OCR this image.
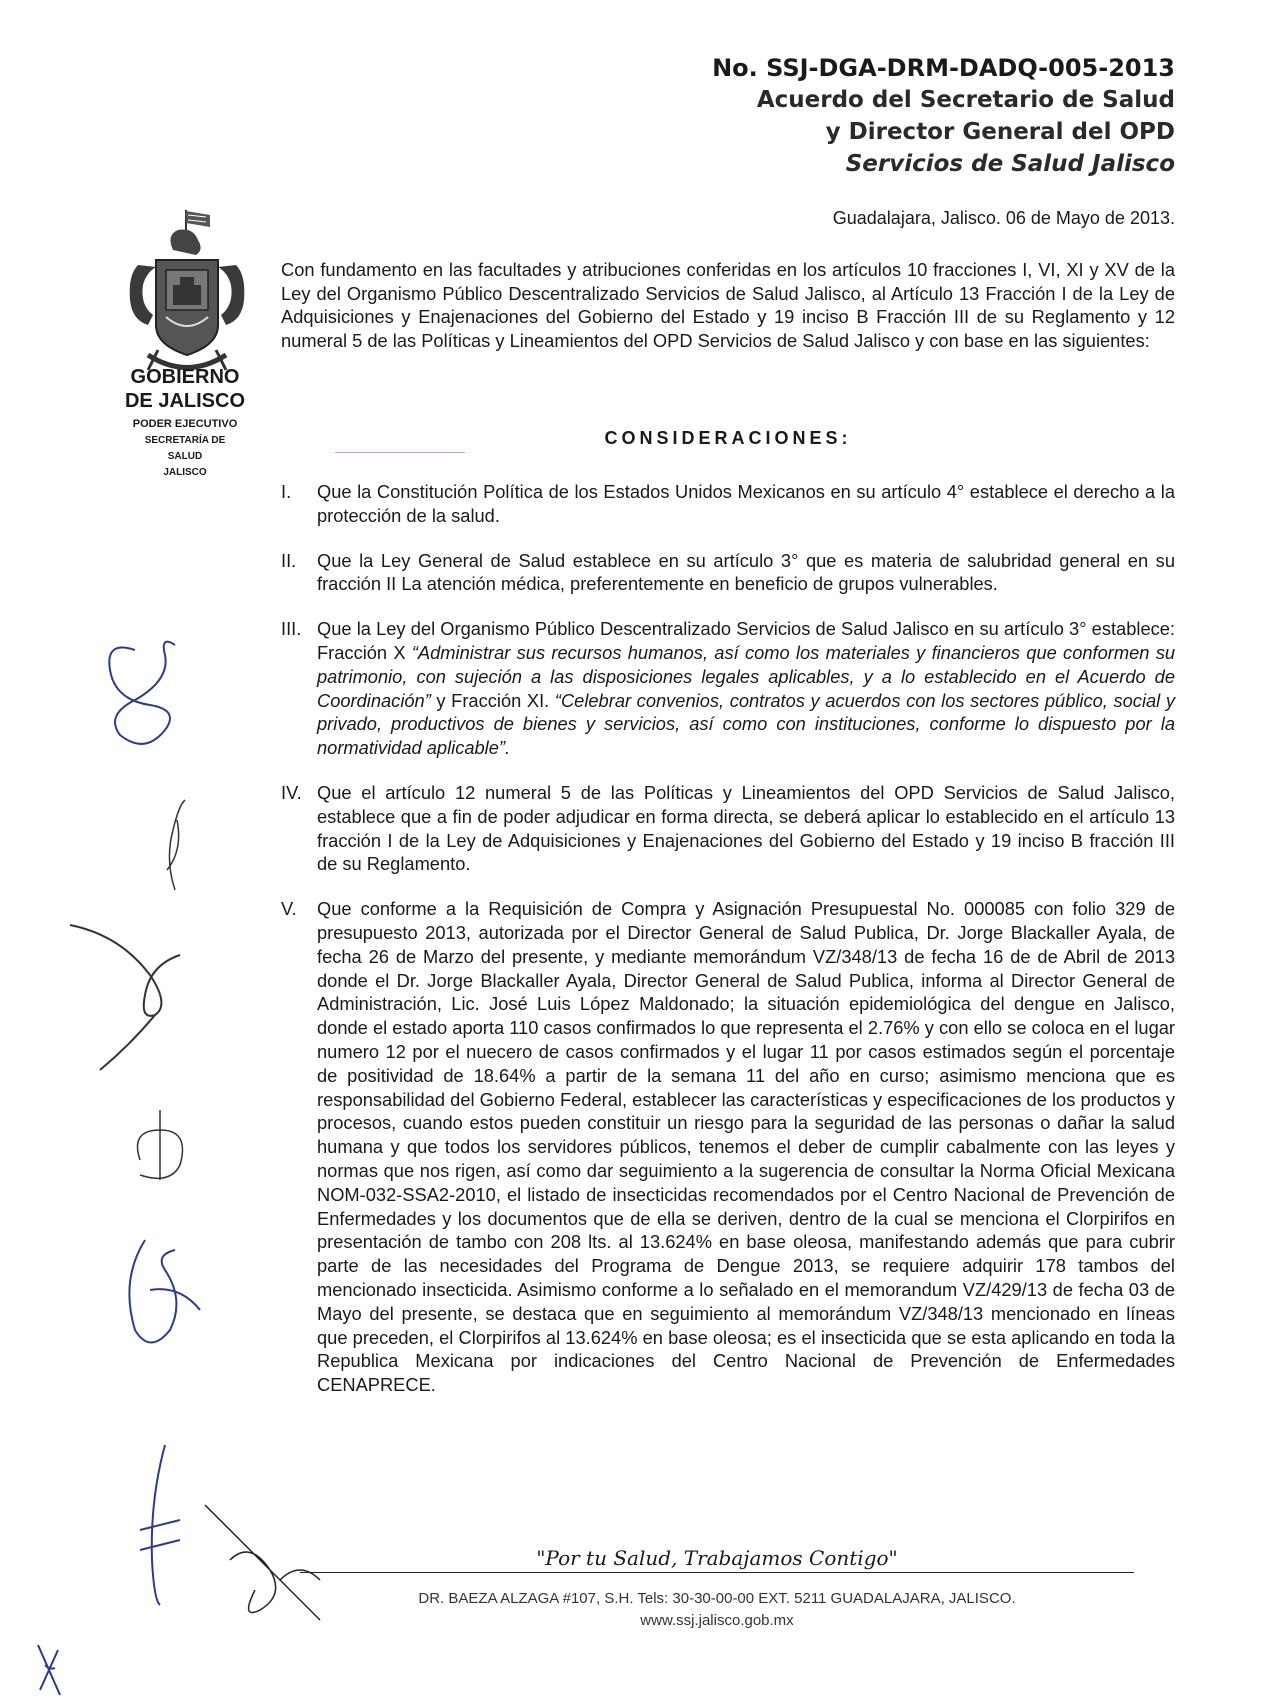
No. SSJ-DGA-DRM-DADQ-005-2013
Acuerdo del Secretario de Salud
y Director General del OPD
Servicios de Salud Jalisco
Guadalajara, Jalisco. 06 de Mayo de 2013.
GOBIERNO
DE JALISCO
PODER EJECUTIVO
SECRETARÍA DE
SALUD
JALISCO
Con fundamento en las facultades y atribuciones conferidas en los artículos 10 fracciones I, VI, XI y XV de la Ley del Organismo Público Descentralizado Servicios de Salud Jalisco, al Artículo 13 Fracción I de la Ley de Adquisiciones y Enajenaciones del Gobierno del Estado y 19 inciso B Fracción III de su Reglamento y 12 numeral 5 de las Políticas y Lineamientos del OPD Servicios de Salud Jalisco y con base en las siguientes:
CONSIDERACIONES:
I. Que la Constitución Política de los Estados Unidos Mexicanos en su artículo 4° establece el derecho a la protección de la salud.
II. Que la Ley General de Salud establece en su artículo 3° que es materia de salubridad general en su fracción II La atención médica, preferentemente en beneficio de grupos vulnerables.
III. Que la Ley del Organismo Público Descentralizado Servicios de Salud Jalisco en su artículo 3° establece: Fracción X “Administrar sus recursos humanos, así como los materiales y financieros que conformen su patrimonio, con sujeción a las disposiciones legales aplicables, y a lo establecido en el Acuerdo de Coordinación” y Fracción XI. “Celebrar convenios, contratos y acuerdos con los sectores público, social y privado, productivos de bienes y servicios, así como con instituciones, conforme lo dispuesto por la normatividad aplicable”.
IV. Que el artículo 12 numeral 5 de las Políticas y Lineamientos del OPD Servicios de Salud Jalisco, establece que a fin de poder adjudicar en forma directa, se deberá aplicar lo establecido en el artículo 13 fracción I de la Ley de Adquisiciones y Enajenaciones del Gobierno del Estado y 19 inciso B fracción III de su Reglamento.
V. Que conforme a la Requisición de Compra y Asignación Presupuestal No. 000085 con folio 329 de presupuesto 2013, autorizada por el Director General de Salud Publica, Dr. Jorge Blackaller Ayala, de fecha 26 de Marzo del presente, y mediante memorándum VZ/348/13 de fecha 16 de de Abril de 2013 donde el Dr. Jorge Blackaller Ayala, Director General de Salud Publica, informa al Director General de Administración, Lic. José Luis López Maldonado; la situación epidemiológica del dengue en Jalisco, donde el estado aporta 110 casos confirmados lo que representa el 2.76% y con ello se coloca en el lugar numero 12 por el nuecero de casos confirmados y el lugar 11 por casos estimados según el porcentaje de positividad de 18.64% a partir de la semana 11 del año en curso; asimismo menciona que es responsabilidad del Gobierno Federal, establecer las características y especificaciones de los productos y procesos, cuando estos pueden constituir un riesgo para la seguridad de las personas o dañar la salud humana y que todos los servidores públicos, tenemos el deber de cumplir cabalmente con las leyes y normas que nos rigen, así como dar seguimiento a la sugerencia de consultar la Norma Oficial Mexicana NOM-032-SSA2-2010, el listado de insecticidas recomendados por el Centro Nacional de Prevención de Enfermedades y los documentos que de ella se deriven, dentro de la cual se menciona el Clorpirifos en presentación de tambo con 208 lts. al 13.624% en base oleosa, manifestando además que para cubrir parte de las necesidades del Programa de Dengue 2013, se requiere adquirir 178 tambos del mencionado insecticida. Asimismo conforme a lo señalado en el memorandum VZ/429/13 de fecha 03 de Mayo del presente, se destaca que en seguimiento al memorándum VZ/348/13 mencionado en líneas que preceden, el Clorpirifos al 13.624% en base oleosa; es el insecticida que se esta aplicando en toda la Republica Mexicana por indicaciones del Centro Nacional de Prevención de Enfermedades CENAPRECE.
"Por tu Salud, Trabajamos Contigo"
DR. BAEZA ALZAGA #107, S.H. Tels: 30-30-00-00 EXT. 5211 GUADALAJARA, JALISCO.
www.ssj.jalisco.gob.mx
